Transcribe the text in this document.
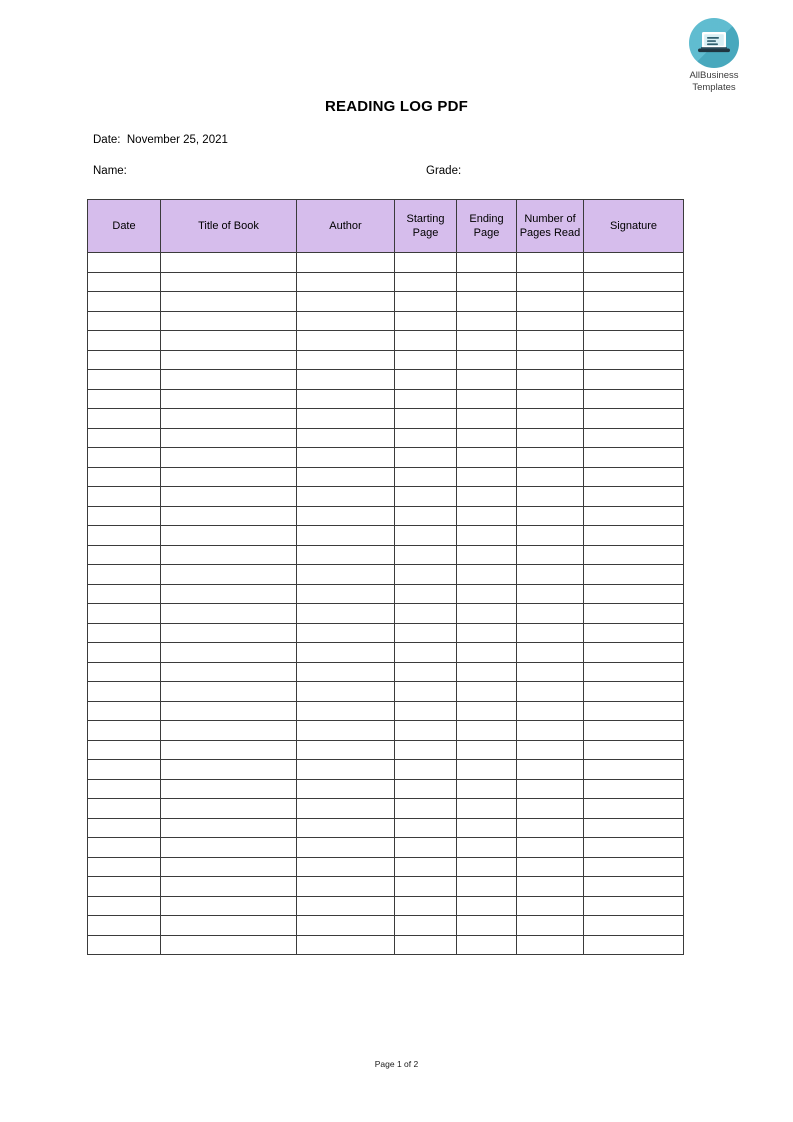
AllBusiness
Templates
READING LOG PDF
Date:  November 25, 2021
Name:	Grade:
Date	Title of Book	Author	Starting Page	Ending Page	Number of Pages Read	Signature

Page 1 of 2
